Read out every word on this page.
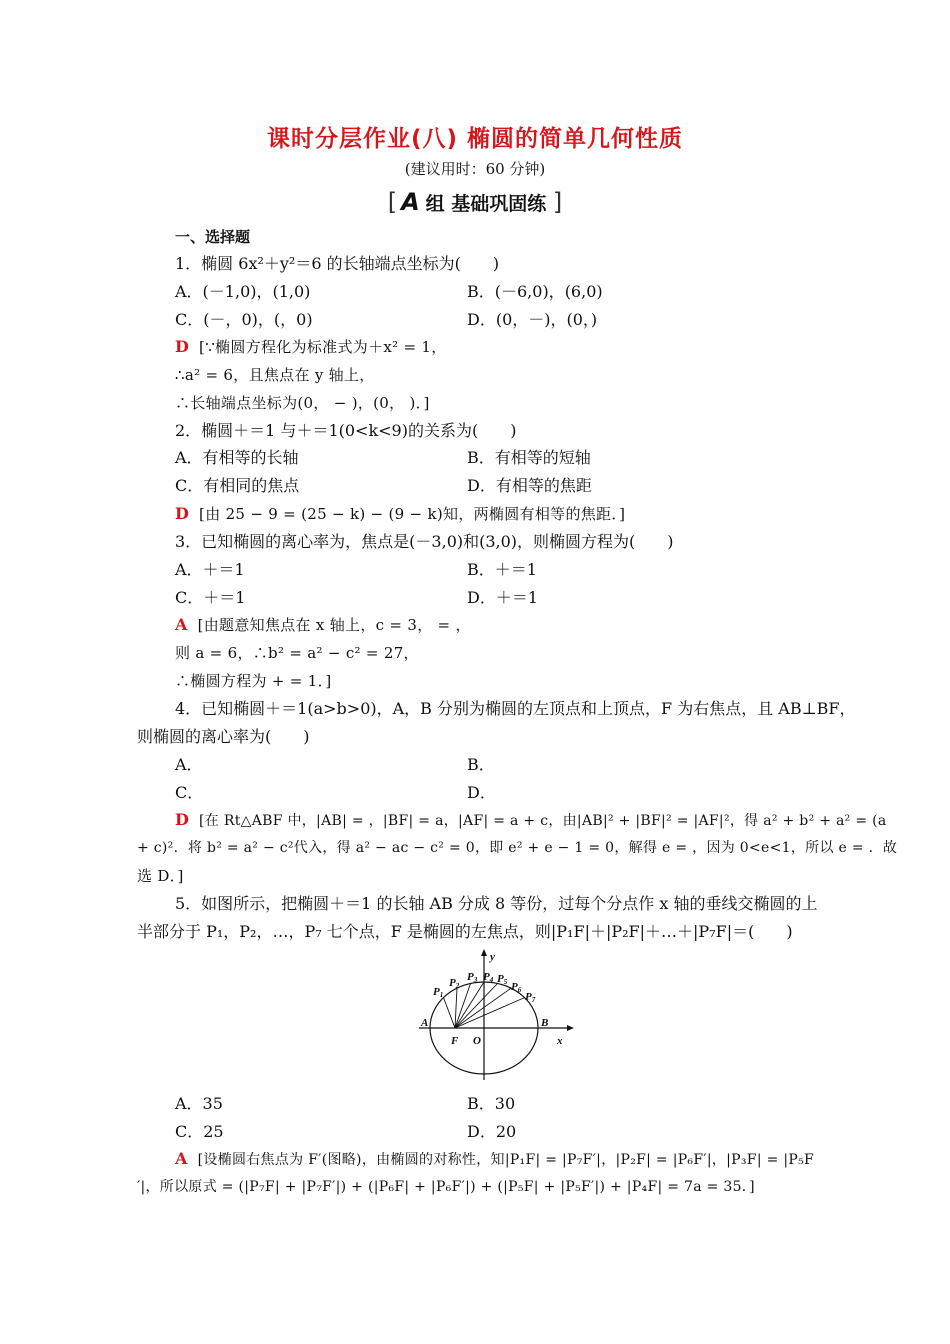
课时分层作业(八) 椭圆的简单几何性质
(建议用时：60 分钟)
[ A 组 基础巩固练 ]
一、选择题
1．椭圆 6x²＋y²＝6 的长轴端点坐标为(　　)
A．(－1,0)，(1,0)	B．(－6,0)，(6,0)
C．(－，0)，(，0)	D．(0，－)，(0，)
D [∵椭圆方程化为标准式为＋x² = 1，
∴a² = 6，且焦点在 y 轴上，
∴长轴端点坐标为(0， − )，(0， )．]
2．椭圆＋＝1 与＋＝1(0<k<9)的关系为(　　)
A．有相等的长轴	B．有相等的短轴
C．有相同的焦点	D．有相等的焦距
D [由 25 − 9 = (25 − k) − (9 − k)知，两椭圆有相等的焦距．]
3．已知椭圆的离心率为，焦点是(－3,0)和(3,0)，则椭圆方程为(　　)
A．＋＝1	B．＋＝1
C．＋＝1	D．＋＝1
A [由题意知焦点在 x 轴上，c = 3， = ，
则 a = 6，∴b² = a² − c² = 27，
∴椭圆方程为 + = 1．]
4．已知椭圆＋＝1(a>b>0)，A，B 分别为椭圆的左顶点和上顶点，F 为右焦点，且 AB⊥BF，
则椭圆的离心率为(　　)
A．	B．
C．	D．
D [在 Rt△ABF 中，|AB| = ，|BF| = a，|AF| = a + c，由|AB|² + |BF|² = |AF|²，得 a² + b² + a² = (a
+ c)²．将 b² = a² − c²代入，得 a² − ac − c² = 0，即 e² + e − 1 = 0，解得 e = ，因为 0<e<1，所以 e = ．故
选 D．]
5．如图所示，把椭圆＋＝1 的长轴 AB 分成 8 等份，过每个分点作 x 轴的垂线交椭圆的上
半部分于 P₁，P₂，…，P₇ 七个点，F 是椭圆的左焦点，则|P₁F|＋|P₂F|＋…＋|P₇F|＝(　　)
y
x
A	B
F O
P1
P2
P3 P4 P5 P6
P7
A．35	B．30
C．25	D．20
A [设椭圆右焦点为 F′(图略)，由椭圆的对称性，知|P₁F| = |P₇F′|，|P₂F| = |P₆F′|，|P₃F| = |P₅F
′|，所以原式 = (|P₇F| + |P₇F′|) + (|P₆F| + |P₆F′|) + (|P₅F| + |P₅F′|) + |P₄F| = 7a = 35．]
